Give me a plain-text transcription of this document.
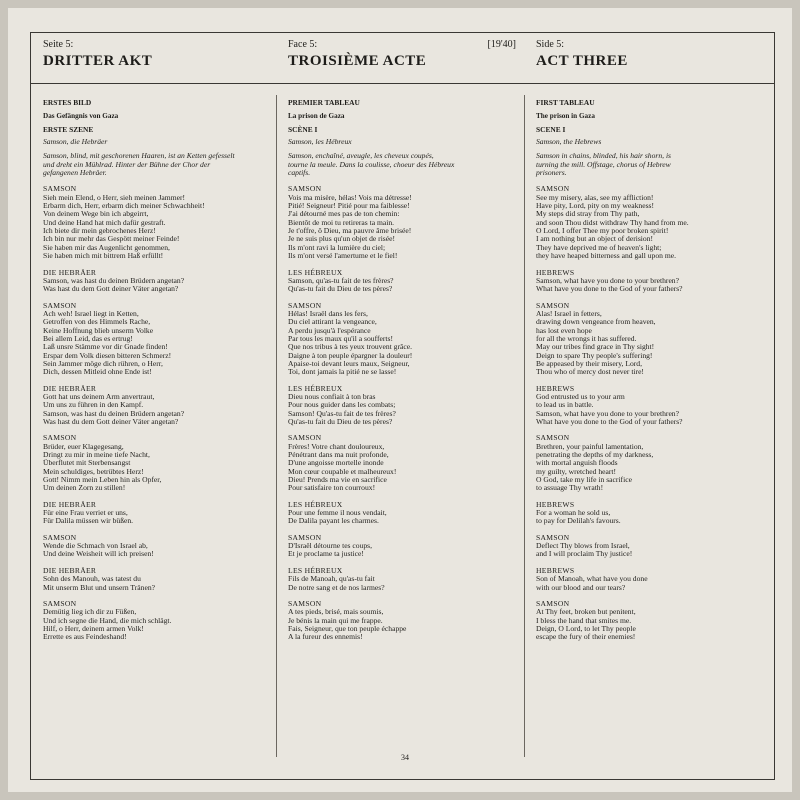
Seite 5:
DRITTER AKT
ERSTES BILD
Das Gefängnis von Gaza
ERSTE SZENE
Samson, die Hebräer
Samson, blind, mit geschorenen Haaren, ist an Ketten gefesselt
und dreht ein Mühlrad. Hinter der Bühne der Chor der
gefangenen Hebräer.
SAMSON
Sieh mein Elend, o Herr, sieh meinen Jammer!
Erbarm dich, Herr, erbarm dich meiner Schwachheit!
Von deinem Wege bin ich abgeirrt,
Und deine Hand hat mich dafür gestraft.
Ich biete dir mein gebrochenes Herz!
Ich bin nur mehr das Gespött meiner Feinde!
Sie haben mir das Augenlicht genommen,
Sie haben mich mit bittrem Haß erfüllt!
DIE HEBRÄER
Samson, was hast du deinen Brüdern angetan?
Was hast du dem Gott deiner Väter angetan?
SAMSON
Ach weh! Israel liegt in Ketten,
Getroffen von des Himmels Rache,
Keine Hoffnung blieb unserm Volke
Bei allem Leid, das es ertrug!
Laß unsre Stämme vor dir Gnade finden!
Erspar dem Volk diesen bitteren Schmerz!
Sein Jammer möge dich rühren, o Herr,
Dich, dessen Mitleid ohne Ende ist!
DIE HEBRÄER
Gott hat uns deinem Arm anvertraut,
Um uns zu führen in den Kampf.
Samson, was hast du deinen Brüdern angetan?
Was hast du dem Gott deiner Väter angetan?
SAMSON
Brüder, euer Klagegesang,
Dringt zu mir in meine tiefe Nacht,
Überflutet mit Sterbensangst
Mein schuldiges, betrübtes Herz!
Gott! Nimm mein Leben hin als Opfer,
Um deinen Zorn zu stillen!
DIE HEBRÄER
Für eine Frau verriet er uns,
Für Dalila müssen wir büßen.
SAMSON
Wende die Schmach von Israel ab,
Und deine Weisheit will ich preisen!
DIE HEBRÄER
Sohn des Manouh, was tatest du
Mit unserm Blut und unsern Tränen?
SAMSON
Demütig lieg ich dir zu Füßen,
Und ich segne die Hand, die mich schlägt.
Hilf, o Herr, deinem armen Volk!
Errette es aus Feindeshand!
Face 5:
TROISIÈME ACTE
PREMIER TABLEAU
La prison de Gaza
SCÈNE I
Samson, les Hébreux
Samson, enchaîné, aveugle, les cheveux coupés,
tourne la meule. Dans la coulisse, choeur des Hébreux
captifs.
SAMSON
Vois ma misère, hélas! Vois ma détresse!
Pitié! Seigneur! Pitié pour ma faiblesse!
J'ai détourné mes pas de ton chemin:
Bientôt de moi tu retireras ta main.
Je t'offre, ô Dieu, ma pauvre âme brisée!
Je ne suis plus qu'un objet de risée!
Ils m'ont ravi la lumière du ciel;
Ils m'ont versé l'amertume et le fiel!
LES HÉBREUX
Samson, qu'as-tu fait de tes frères?
Qu'as-tu fait du Dieu de tes pères?
SAMSON
Hélas! Israël dans les fers,
Du ciel attirant la vengeance,
A perdu jusqu'à l'espérance
Par tous les maux qu'il a soufferts!
Que nos tribus à tes yeux trouvent grâce.
Daigne à ton peuple épargner la douleur!
Apaise-toi devant leurs maux, Seigneur,
Toi, dont jamais la pitié ne se lasse!
LES HÉBREUX
Dieu nous confiait à ton bras
Pour nous guider dans les combats;
Samson! Qu'as-tu fait de tes frères?
Qu'as-tu fait du Dieu de tes pères?
SAMSON
Frères! Votre chant douloureux,
Pénétrant dans ma nuit profonde,
D'une angoisse mortelle inonde
Mon cœur coupable et malheureux!
Dieu! Prends ma vie en sacrifice
Pour satisfaire ton courroux!
LES HÉBREUX
Pour une femme il nous vendait,
De Dalila payant les charmes.
SAMSON
D'Israël détourne tes coups,
Et je proclame ta justice!
LES HÉBREUX
Fils de Manoah, qu'as-tu fait
De notre sang et de nos larmes?
SAMSON
A tes pieds, brisé, mais soumis,
Je bénis la main qui me frappe.
Fais, Seigneur, que ton peuple échappe
A la fureur des ennemis!
Side 5:
ACT THREE
FIRST TABLEAU
The prison in Gaza
SCENE I
Samson, the Hebrews
Samson in chains, blinded, his hair shorn, is
turning the mill. Offstage, chorus of Hebrew
prisoners.
SAMSON
See my misery, alas, see my affliction!
Have pity, Lord, pity on my weakness!
My steps did stray from Thy path,
and soon Thou didst withdraw Thy hand from me.
O Lord, I offer Thee my poor broken spirit!
I am nothing but an object of derision!
They have deprived me of heaven's light;
they have heaped bitterness and gall upon me.
HEBREWS
Samson, what have you done to your brethren?
What have you done to the God of your fathers?
SAMSON
Alas! Israel in fetters,
drawing down vengeance from heaven,
has lost even hope
for all the wrongs it has suffered.
May our tribes find grace in Thy sight!
Deign to spare Thy people's suffering!
Be appeased by their misery, Lord,
Thou who of mercy dost never tire!
HEBREWS
God entrusted us to your arm
to lead us in battle.
Samson, what have you done to your brethren?
What have you done to the God of your fathers?
SAMSON
Brethren, your painful lamentation,
penetrating the depths of my darkness,
with mortal anguish floods
my guilty, wretched heart!
O God, take my life in sacrifice
to assuage Thy wrath!
HEBREWS
For a woman he sold us,
to pay for Delilah's favours.
SAMSON
Deflect Thy blows from Israel,
and I will proclaim Thy justice!
HEBREWS
Son of Manoah, what have you done
with our blood and our tears?
SAMSON
At Thy feet, broken but penitent,
I bless the hand that smites me.
Deign, O Lord, to let Thy people
escape the fury of their enemies!
[19'40]
34
